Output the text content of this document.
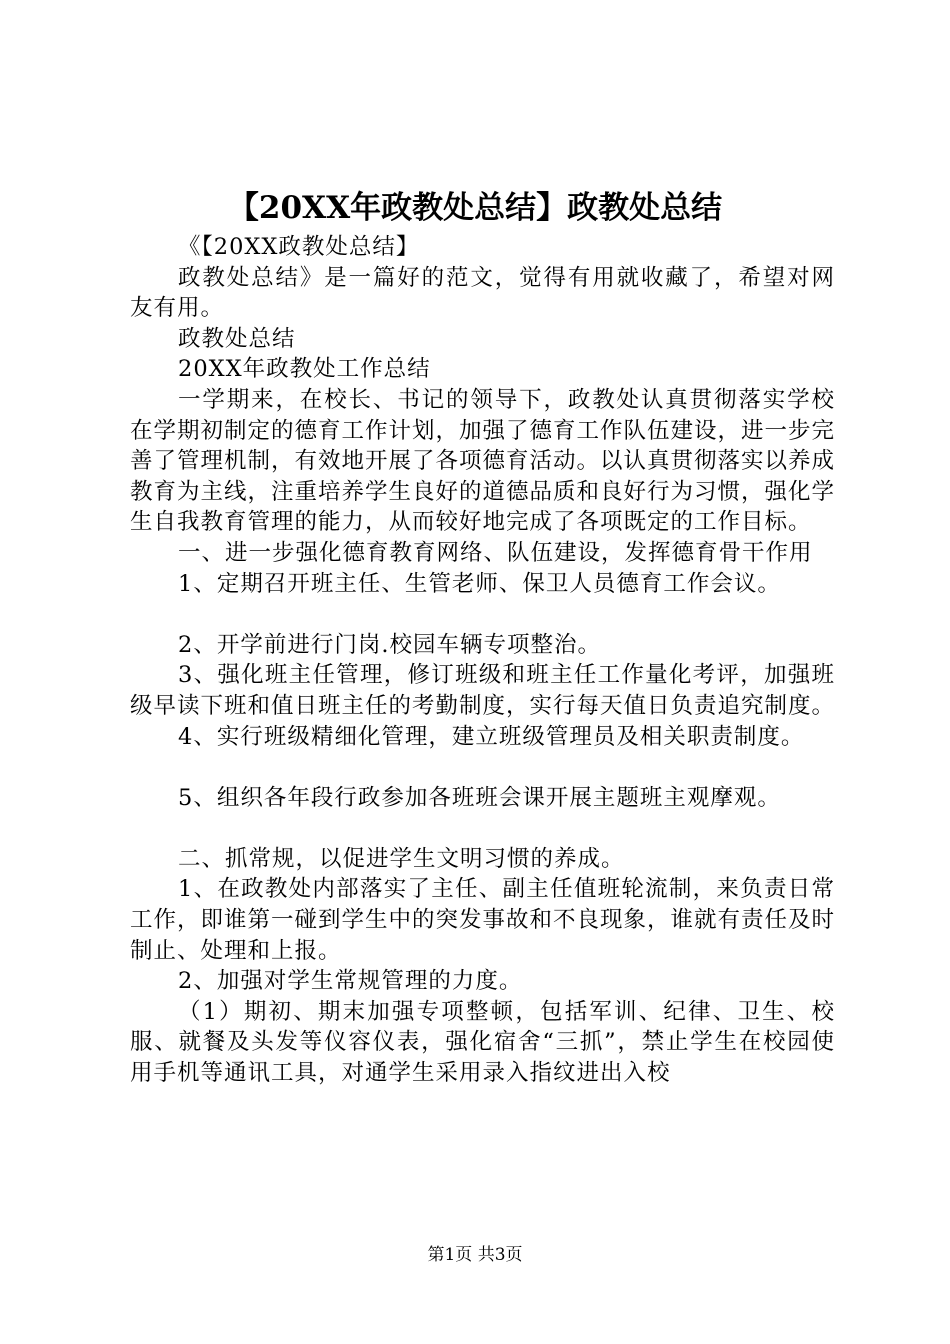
【20XX年政教处总结】政教处总结

《【20XX政教处总结】

政教处总结》是一篇好的范文，觉得有用就收藏了，希望对网友有用。

政教处总结

20XX年政教处工作总结

一学期来，在校长、书记的领导下，政教处认真贯彻落实学校在学期初制定的德育工作计划，加强了德育工作队伍建设，进一步完善了管理机制，有效地开展了各项德育活动。以认真贯彻落实以养成教育为主线，注重培养学生良好的道德品质和良好行为习惯，强化学生自我教育管理的能力，从而较好地完成了各项既定的工作目标。

一、进一步强化德育教育网络、队伍建设，发挥德育骨干作用

1、定期召开班主任、生管老师、保卫人员德育工作会议。

2、开学前进行门岗.校园车辆专项整治。

3、强化班主任管理，修订班级和班主任工作量化考评，加强班级早读下班和值日班主任的考勤制度，实行每天值日负责追究制度。

4、实行班级精细化管理，建立班级管理员及相关职责制度。

5、组织各年段行政参加各班班会课开展主题班主观摩观。

二、抓常规，以促进学生文明习惯的养成。

1、在政教处内部落实了主任、副主任值班轮流制，来负责日常工作，即谁第一碰到学生中的突发事故和不良现象，谁就有责任及时制止、处理和上报。

2、加强对学生常规管理的力度。

（1）期初、期末加强专项整顿，包括军训、纪律、卫生、校服、就餐及头发等仪容仪表，强化宿舍“三抓”，禁止学生在校园使用手机等通讯工具，对通学生采用录入指纹进出入校

第1页 共3页
